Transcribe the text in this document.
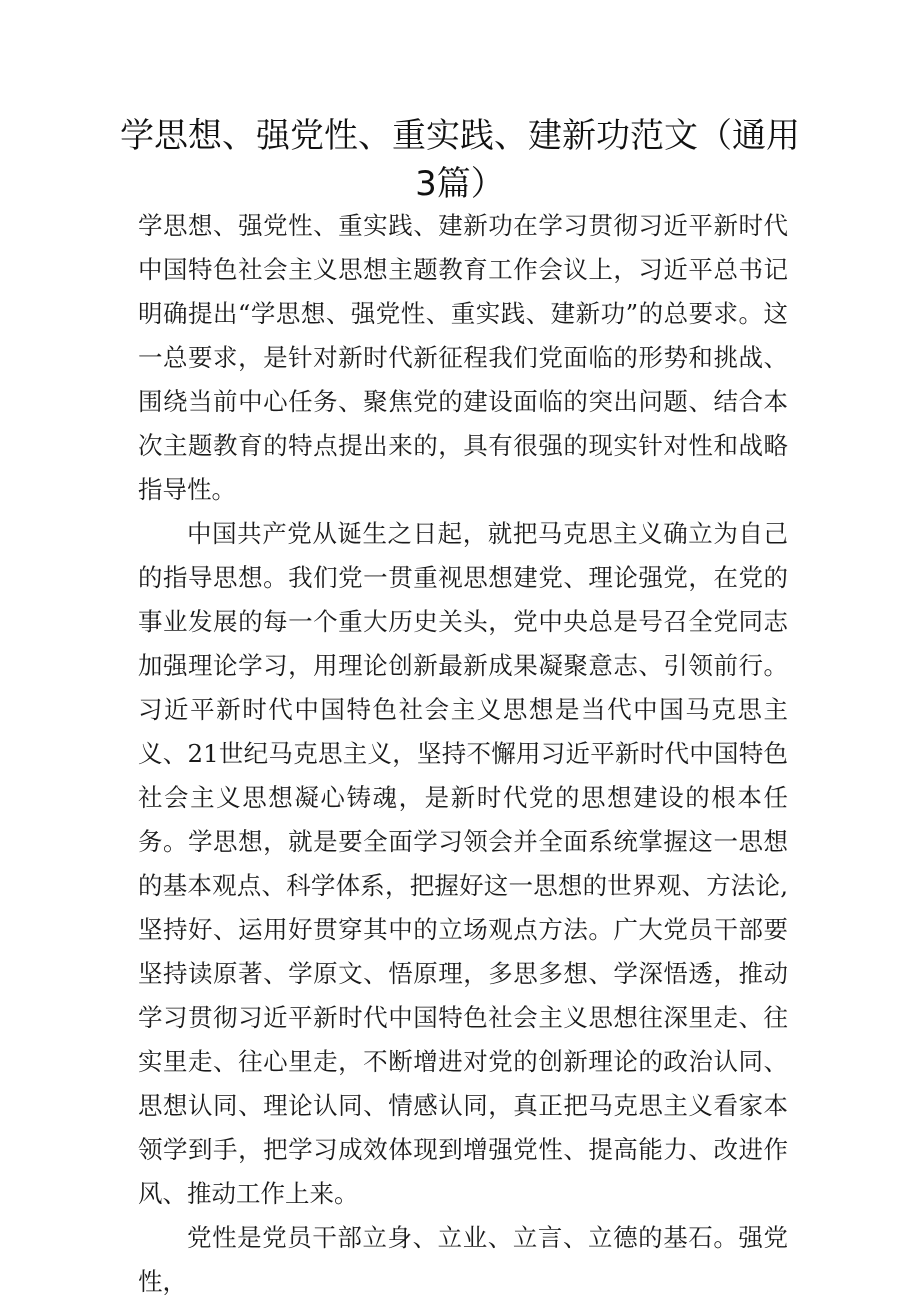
学思想、强党性、重实践、建新功范文（通用3篇）

学思想、强党性、重实践、建新功在学习贯彻习近平新时代中国特色社会主义思想主题教育工作会议上，习近平总书记明确提出“学思想、强党性、重实践、建新功”的总要求。这一总要求，是针对新时代新征程我们党面临的形势和挑战、围绕当前中心任务、聚焦党的建设面临的突出问题、结合本次主题教育的特点提出来的，具有很强的现实针对性和战略指导性。

中国共产党从诞生之日起，就把马克思主义确立为自己的指导思想。我们党一贯重视思想建党、理论强党，在党的事业发展的每一个重大历史关头，党中央总是号召全党同志加强理论学习，用理论创新最新成果凝聚意志、引领前行。习近平新时代中国特色社会主义思想是当代中国马克思主义、21世纪马克思主义，坚持不懈用习近平新时代中国特色社会主义思想凝心铸魂，是新时代党的思想建设的根本任务。学思想，就是要全面学习领会并全面系统掌握这一思想的基本观点、科学体系，把握好这一思想的世界观、方法论,坚持好、运用好贯穿其中的立场观点方法。广大党员干部要坚持读原著、学原文、悟原理，多思多想、学深悟透，推动学习贯彻习近平新时代中国特色社会主义思想往深里走、往实里走、往心里走，不断增进对党的创新理论的政治认同、思想认同、理论认同、情感认同，真正把马克思主义看家本领学到手，把学习成效体现到增强党性、提高能力、改进作风、推动工作上来。

党性是党员干部立身、立业、立言、立德的基石。强党性，
